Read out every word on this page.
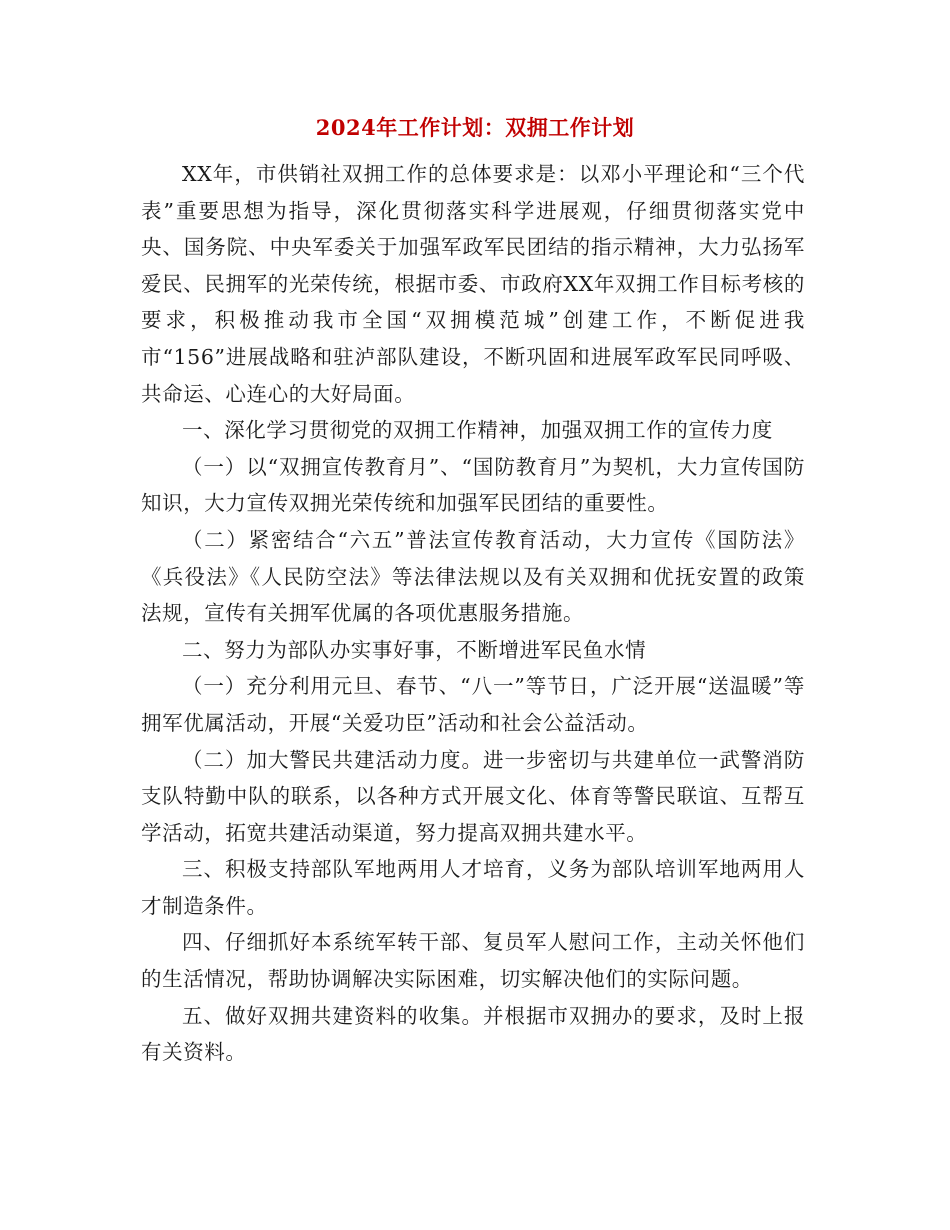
2024年工作计划：双拥工作计划

XX年，市供销社双拥工作的总体要求是：以邓小平理论和“三个代表”重要思想为指导，深化贯彻落实科学进展观，仔细贯彻落实党中央、国务院、中央军委关于加强军政军民团结的指示精神，大力弘扬军爱民、民拥军的光荣传统，根据市委、市政府XX年双拥工作目标考核的要求，积极推动我市全国“双拥模范城”创建工作，不断促进我市“156”进展战略和驻泸部队建设，不断巩固和进展军政军民同呼吸、共命运、心连心的大好局面。

一、深化学习贯彻党的双拥工作精神，加强双拥工作的宣传力度

（一）以“双拥宣传教育月”、“国防教育月”为契机，大力宣传国防知识，大力宣传双拥光荣传统和加强军民团结的重要性。

（二）紧密结合“六五”普法宣传教育活动，大力宣传《国防法》《兵役法》《人民防空法》等法律法规以及有关双拥和优抚安置的政策法规，宣传有关拥军优属的各项优惠服务措施。

二、努力为部队办实事好事，不断增进军民鱼水情

（一）充分利用元旦、春节、“八一”等节日，广泛开展“送温暖”等拥军优属活动，开展“关爱功臣”活动和社会公益活动。

（二）加大警民共建活动力度。进一步密切与共建单位一武警消防支队特勤中队的联系，以各种方式开展文化、体育等警民联谊、互帮互学活动，拓宽共建活动渠道，努力提高双拥共建水平。

三、积极支持部队军地两用人才培育，义务为部队培训军地两用人才制造条件。

四、仔细抓好本系统军转干部、复员军人慰问工作，主动关怀他们的生活情况，帮助协调解决实际困难，切实解决他们的实际问题。

五、做好双拥共建资料的收集。并根据市双拥办的要求，及时上报有关资料。
